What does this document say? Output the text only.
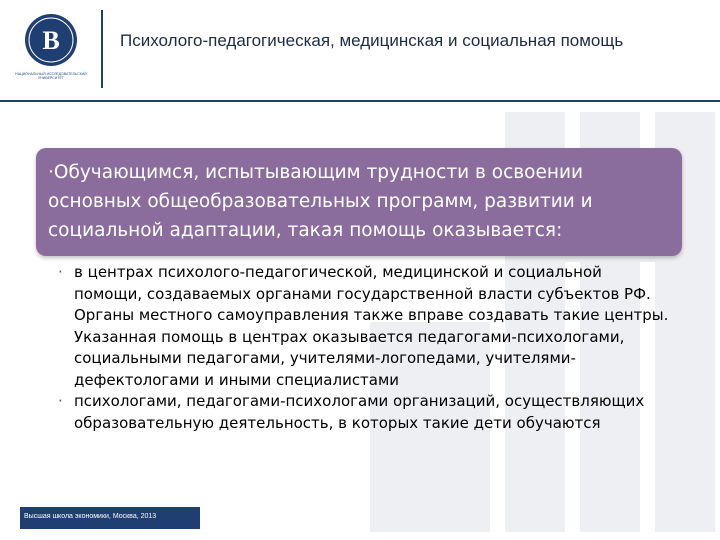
B
НАЦИОНАЛЬНЫЙ ИССЛЕДОВАТЕЛЬСКИЙ УНИВЕРСИТЕТ
Психолого-педагогическая, медицинская и социальная помощь
·Обучающимся, испытывающим трудности в освоении основных общеобразовательных программ, развитии и социальной адаптации, такая помощь оказывается:
· в центрах психолого-педагогической, медицинской и социальной помощи, создаваемых органами государственной власти субъектов РФ. Органы местного самоуправления также вправе создавать такие центры. Указанная помощь в центрах оказывается педагогами-психологами, социальными педагогами, учителями-логопедами, учителями-дефектологами и иными специалистами
· психологами, педагогами-психологами организаций, осуществляющих образовательную деятельность, в которых такие дети обучаются
Высшая школа экономики, Москва, 2013
